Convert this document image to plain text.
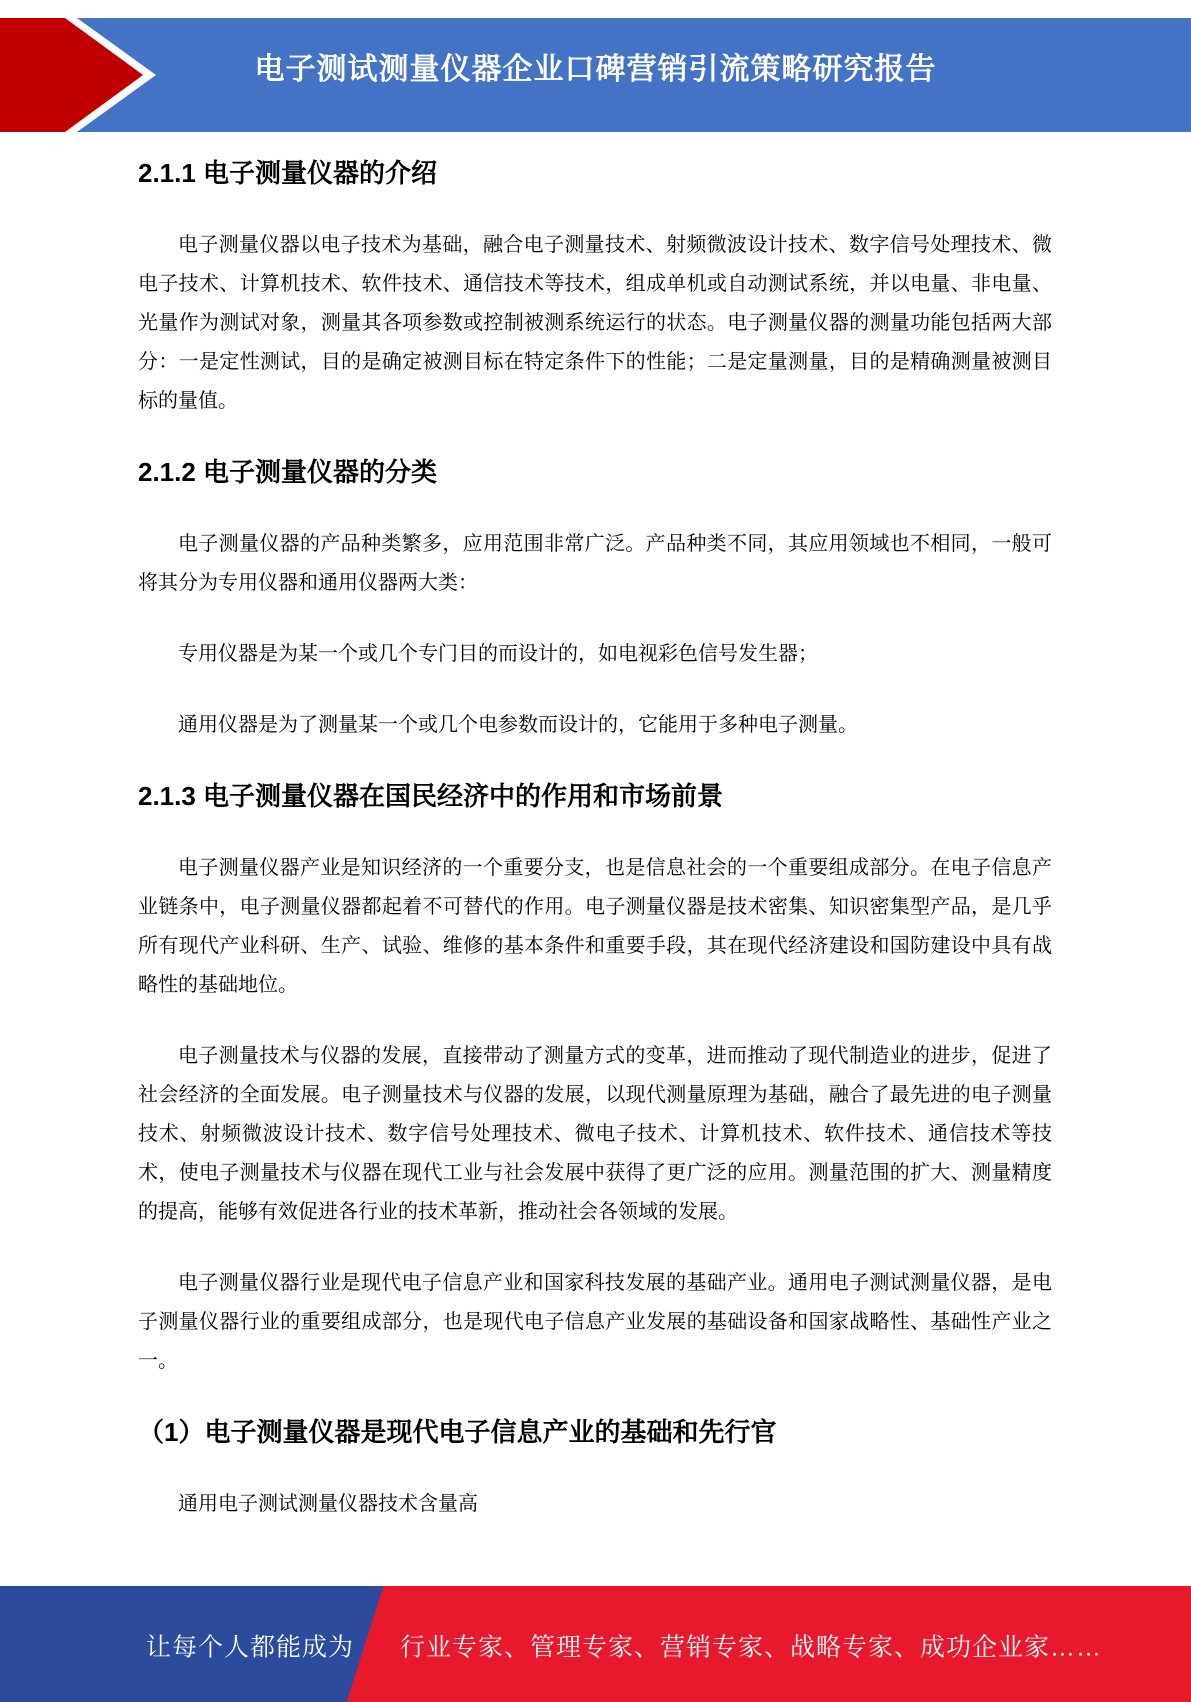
电子测试测量仪器企业口碑营销引流策略研究报告
2.1.1 电子测量仪器的介绍
电子测量仪器以电子技术为基础，融合电子测量技术、射频微波设计技术、数字信号处理技术、微电子技术、计算机技术、软件技术、通信技术等技术，组成单机或自动测试系统，并以电量、非电量、光量作为测试对象，测量其各项参数或控制被测系统运行的状态。电子测量仪器的测量功能包括两大部分：一是定性测试，目的是确定被测目标在特定条件下的性能；二是定量测量，目的是精确测量被测目标的量值。
2.1.2 电子测量仪器的分类
电子测量仪器的产品种类繁多，应用范围非常广泛。产品种类不同，其应用领域也不相同，一般可将其分为专用仪器和通用仪器两大类：
专用仪器是为某一个或几个专门目的而设计的，如电视彩色信号发生器；
通用仪器是为了测量某一个或几个电参数而设计的，它能用于多种电子测量。
2.1.3 电子测量仪器在国民经济中的作用和市场前景
电子测量仪器产业是知识经济的一个重要分支，也是信息社会的一个重要组成部分。在电子信息产业链条中，电子测量仪器都起着不可替代的作用。电子测量仪器是技术密集、知识密集型产品，是几乎所有现代产业科研、生产、试验、维修的基本条件和重要手段，其在现代经济建设和国防建设中具有战略性的基础地位。
电子测量技术与仪器的发展，直接带动了测量方式的变革，进而推动了现代制造业的进步，促进了社会经济的全面发展。电子测量技术与仪器的发展，以现代测量原理为基础，融合了最先进的电子测量技术、射频微波设计技术、数字信号处理技术、微电子技术、计算机技术、软件技术、通信技术等技术，使电子测量技术与仪器在现代工业与社会发展中获得了更广泛的应用。测量范围的扩大、测量精度的提高，能够有效促进各行业的技术革新，推动社会各领域的发展。
电子测量仪器行业是现代电子信息产业和国家科技发展的基础产业。通用电子测试测量仪器，是电子测量仪器行业的重要组成部分，也是现代电子信息产业发展的基础设备和国家战略性、基础性产业之一。
（1）电子测量仪器是现代电子信息产业的基础和先行官
通用电子测试测量仪器技术含量高
让每个人都能成为 行业专家、管理专家、营销专家、战略专家、成功企业家……
